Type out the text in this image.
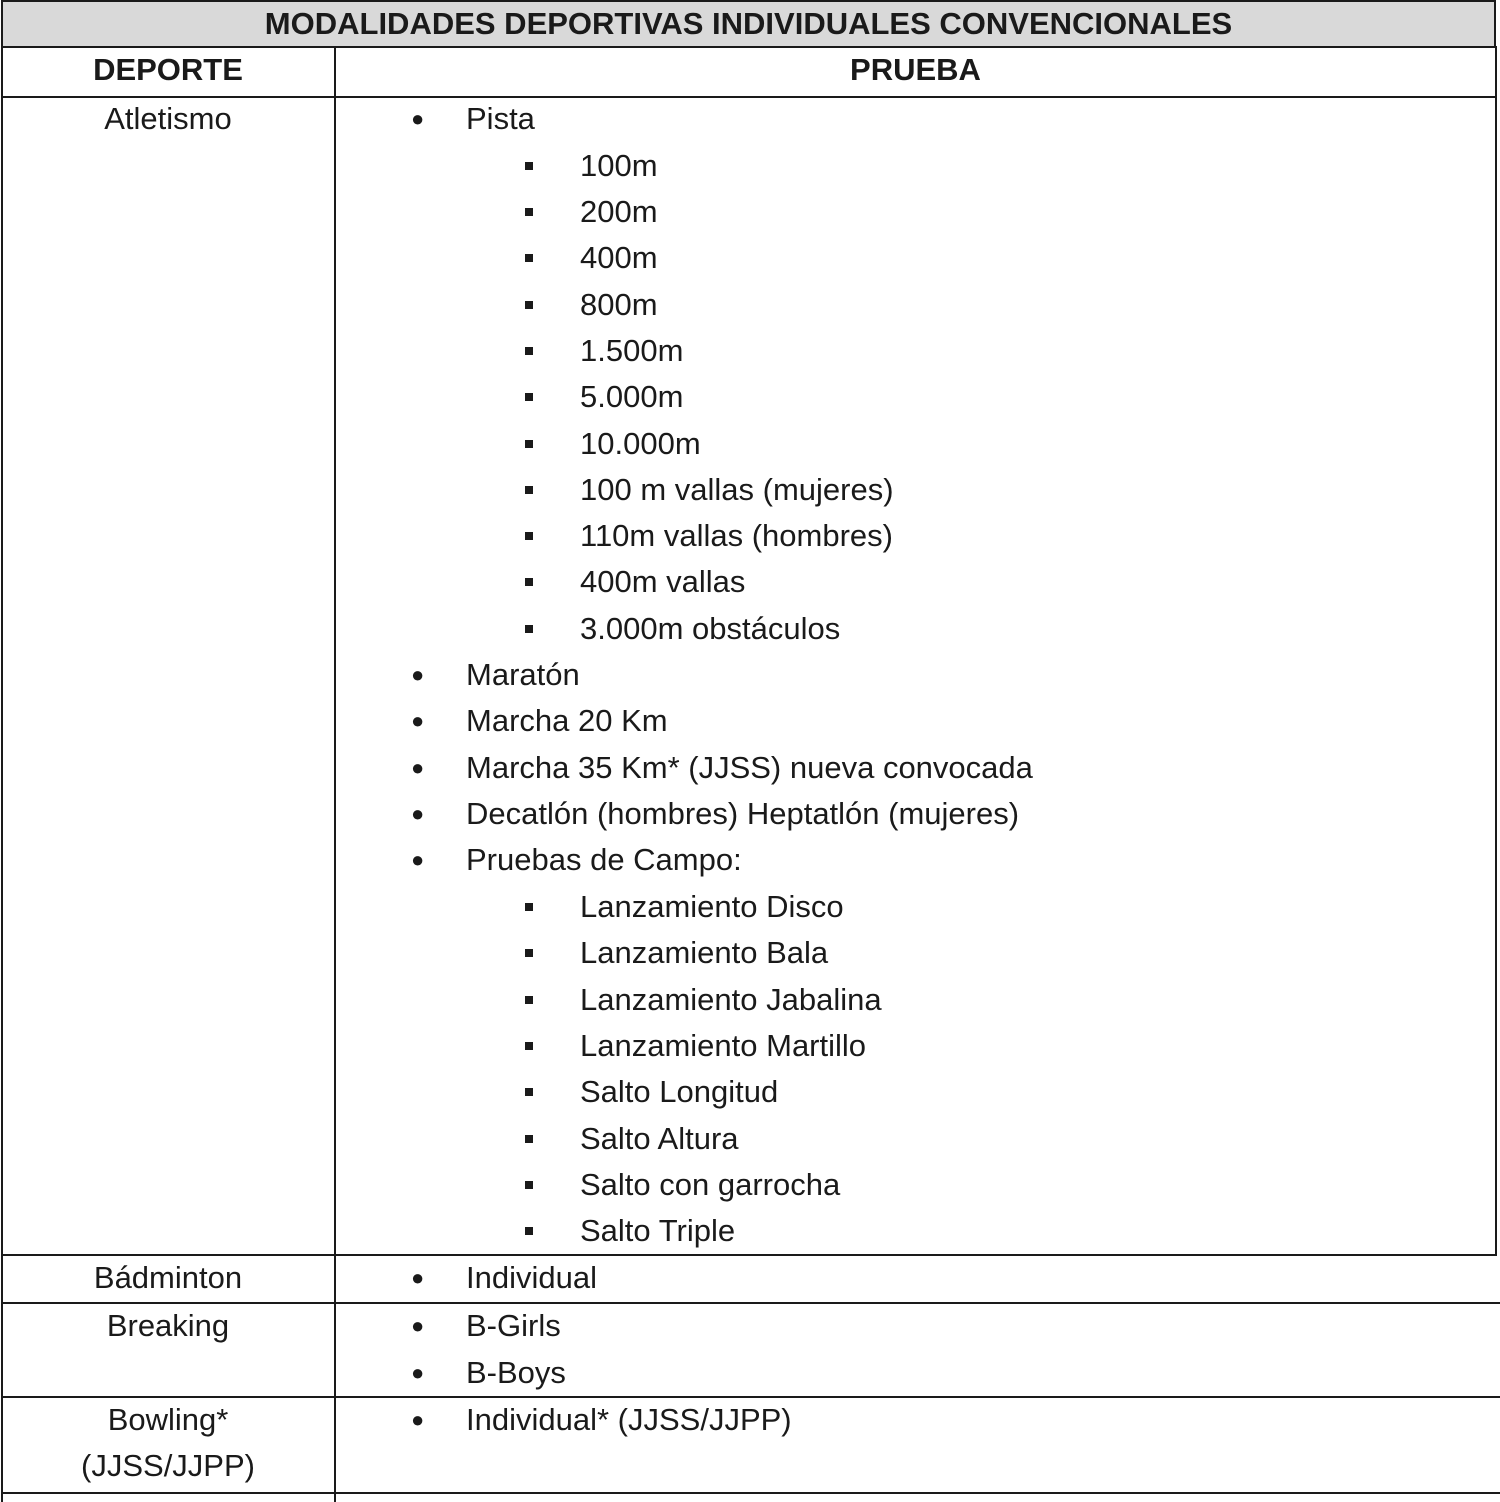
MODALIDADES DEPORTIVAS INDIVIDUALES CONVENCIONALES
DEPORTE	PRUEBA
Atletismo
Bádminton
Breaking
Bowling*
(JJSS/JJPP)
● Pista
100m
200m
400m
800m
1.500m
5.000m
10.000m
100 m vallas (mujeres)
110m vallas (hombres)
400m vallas
3.000m obstáculos
● Maratón
● Marcha 20 Km
● Marcha 35 Km* (JJSS) nueva convocada
● Decatlón (hombres) Heptatlón (mujeres)
● Pruebas de Campo:
Lanzamiento Disco
Lanzamiento Bala
Lanzamiento Jabalina
Lanzamiento Martillo
Salto Longitud
Salto Altura
Salto con garrocha
Salto Triple
● Individual
● B-Girls
● B-Boys
● Individual* (JJSS/JJPP)
